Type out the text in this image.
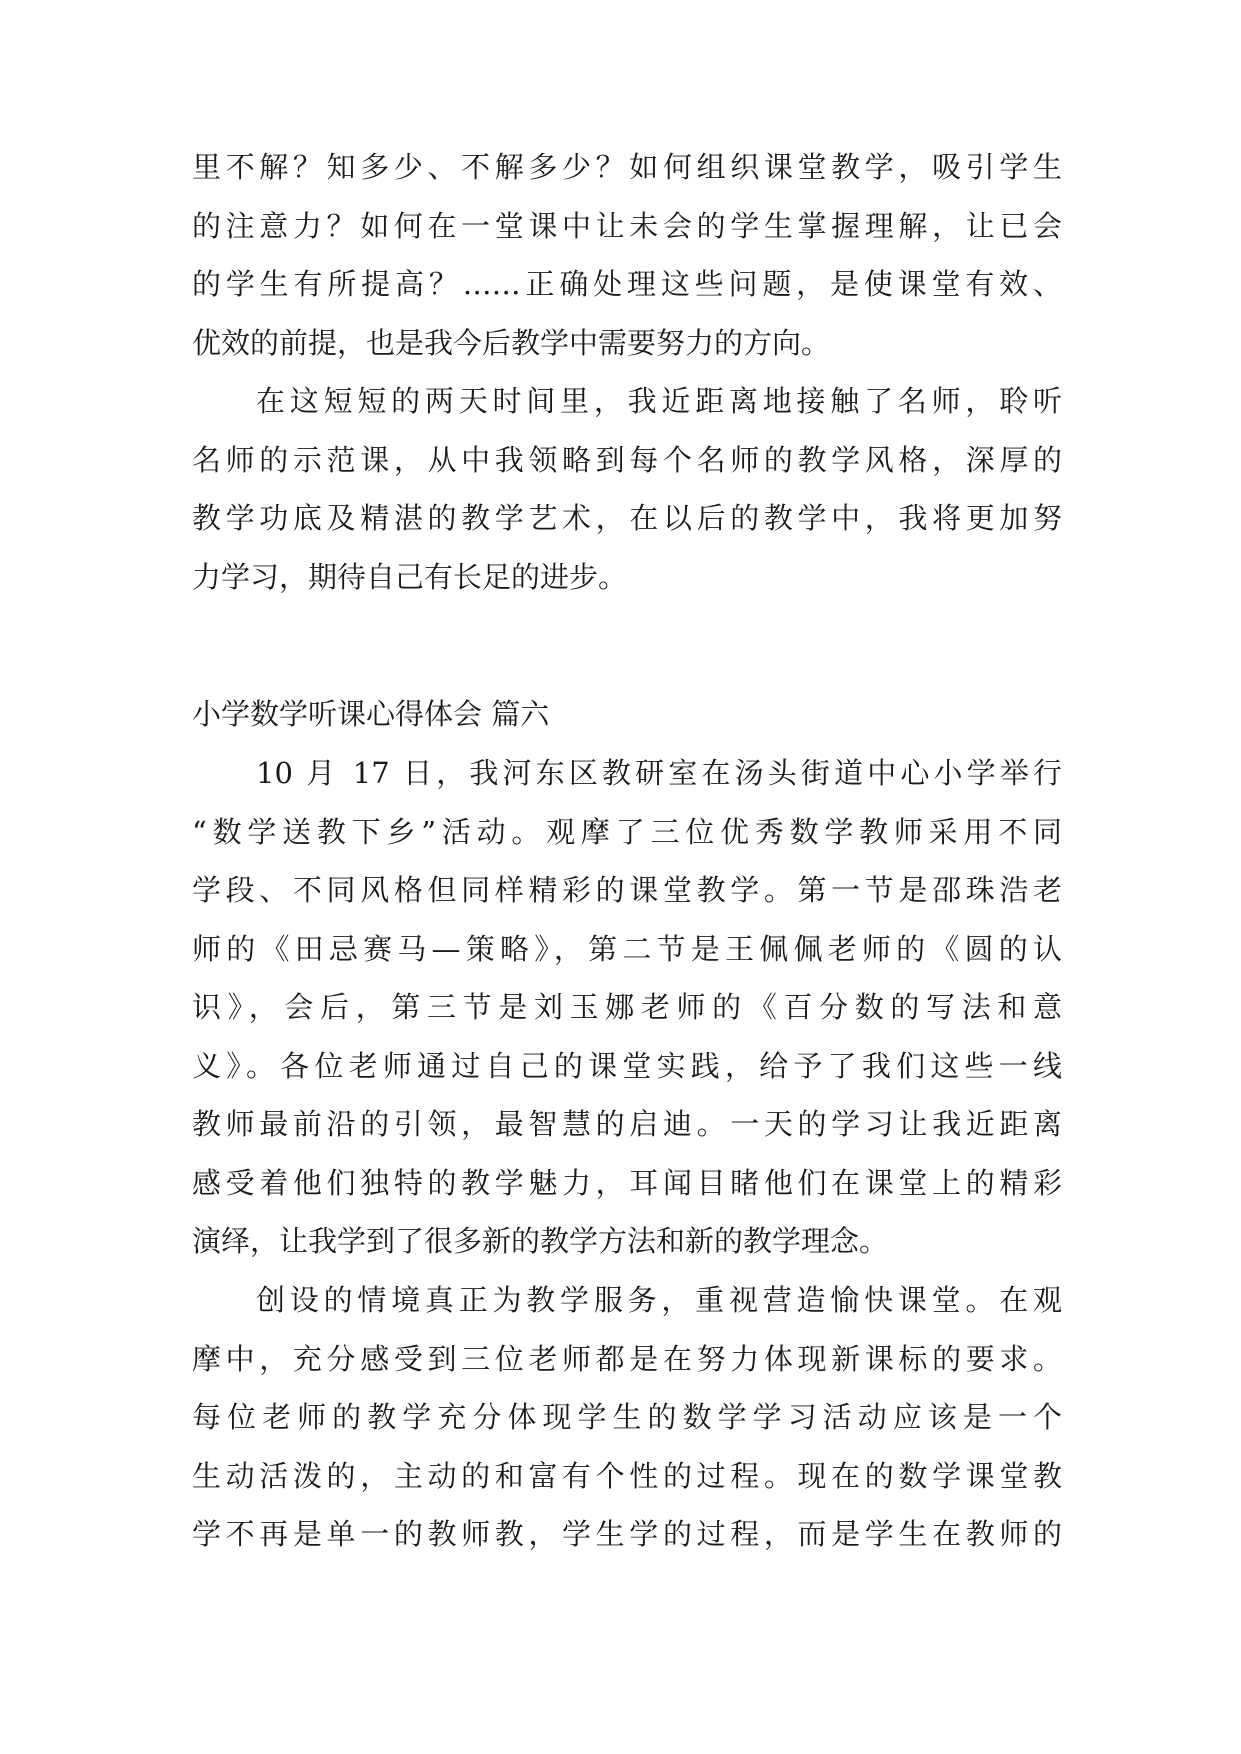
里不解？知多少、不解多少？如何组织课堂教学，吸引学生
的注意力？如何在一堂课中让未会的学生掌握理解，让已会
的学生有所提高？……正确处理这些问题，是使课堂有效、
优效的前提，也是我今后教学中需要努力的方向。
在这短短的两天时间里，我近距离地接触了名师，聆听
名师的示范课，从中我领略到每个名师的教学风格，深厚的
教学功底及精湛的教学艺术，在以后的教学中，我将更加努
力学习，期待自己有长足的进步。
小学数学听课心得体会 篇六
10 月 17 日，我河东区教研室在汤头街道中心小学举行
“数学送教下乡”活动。观摩了三位优秀数学教师采用不同
学段、不同风格但同样精彩的课堂教学。第一节是邵珠浩老
师的《田忌赛马—策略》，第二节是王佩佩老师的《圆的认
识》，会后，第三节是刘玉娜老师的《百分数的写法和意
义》。各位老师通过自己的课堂实践，给予了我们这些一线
教师最前沿的引领，最智慧的启迪。一天的学习让我近距离
感受着他们独特的教学魅力，耳闻目睹他们在课堂上的精彩
演绎，让我学到了很多新的教学方法和新的教学理念。
创设的情境真正为教学服务，重视营造愉快课堂。在观
摩中，充分感受到三位老师都是在努力体现新课标的要求。
每位老师的教学充分体现学生的数学学习活动应该是一个
生动活泼的，主动的和富有个性的过程。现在的数学课堂教
学不再是单一的教师教，学生学的过程，而是学生在教师的
